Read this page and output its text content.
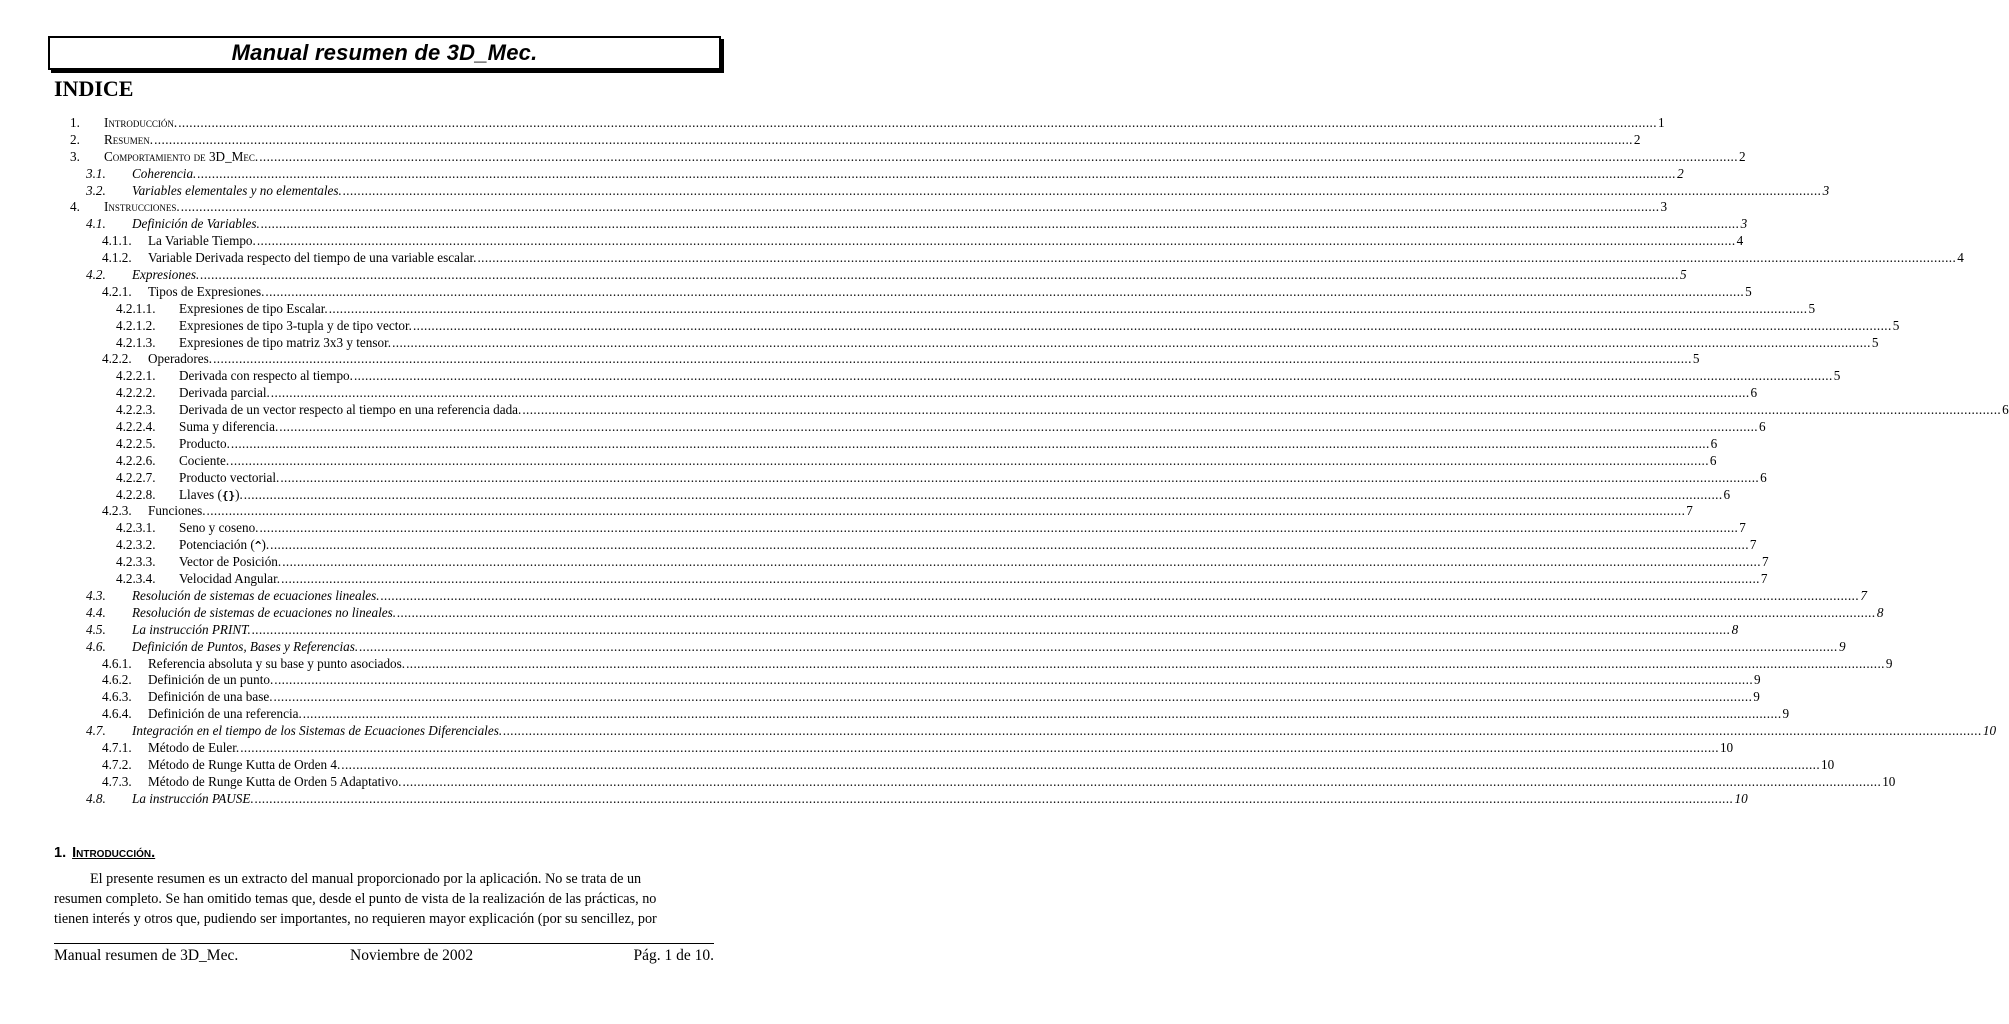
Manual resumen de 3D_Mec.
INDICE
1. Introducción. ................................................................................................................................................................................................................................................................................................................................................................................................................ 1
2. Resumen. ................................................................................................................................................................................................................................................................................................................................................................................................................ 2
3. Comportamiento de 3D_Mec. ................................................................................................................................................................................................................................................................................................................................................................................................................ 2
3.1. Coherencia. ................................................................................................................................................................................................................................................................................................................................................................................................................ 2
3.2. Variables elementales y no elementales. ................................................................................................................................................................................................................................................................................................................................................................................................................ 3
4. Instrucciones. ................................................................................................................................................................................................................................................................................................................................................................................................................ 3
4.1. Definición de Variables. ................................................................................................................................................................................................................................................................................................................................................................................................................ 3
4.1.1. La Variable Tiempo. ................................................................................................................................................................................................................................................................................................................................................................................................................ 4
4.1.2. Variable Derivada respecto del tiempo de una variable escalar. ................................................................................................................................................................................................................................................................................................................................................................................................................ 4
4.2. Expresiones. ................................................................................................................................................................................................................................................................................................................................................................................................................ 5
4.2.1. Tipos de Expresiones. ................................................................................................................................................................................................................................................................................................................................................................................................................ 5
4.2.1.1. Expresiones de tipo Escalar. ................................................................................................................................................................................................................................................................................................................................................................................................................ 5
4.2.1.2. Expresiones de tipo 3-tupla y de tipo vector. ................................................................................................................................................................................................................................................................................................................................................................................................................ 5
4.2.1.3. Expresiones de tipo matriz 3x3 y tensor. ................................................................................................................................................................................................................................................................................................................................................................................................................ 5
4.2.2. Operadores. ................................................................................................................................................................................................................................................................................................................................................................................................................ 5
4.2.2.1. Derivada con respecto al tiempo. ................................................................................................................................................................................................................................................................................................................................................................................................................ 5
4.2.2.2. Derivada parcial. ................................................................................................................................................................................................................................................................................................................................................................................................................ 6
4.2.2.3. Derivada de un vector respecto al tiempo en una referencia dada. ................................................................................................................................................................................................................................................................................................................................................................................................................ 6
4.2.2.4. Suma y diferencia. ................................................................................................................................................................................................................................................................................................................................................................................................................ 6
4.2.2.5. Producto. ................................................................................................................................................................................................................................................................................................................................................................................................................ 6
4.2.2.6. Cociente. ................................................................................................................................................................................................................................................................................................................................................................................................................ 6
4.2.2.7. Producto vectorial. ................................................................................................................................................................................................................................................................................................................................................................................................................ 6
4.2.2.8. Llaves ({}). ................................................................................................................................................................................................................................................................................................................................................................................................................ 6
4.2.3. Funciones. ................................................................................................................................................................................................................................................................................................................................................................................................................ 7
4.2.3.1. Seno y coseno. ................................................................................................................................................................................................................................................................................................................................................................................................................ 7
4.2.3.2. Potenciación (^). ................................................................................................................................................................................................................................................................................................................................................................................................................ 7
4.2.3.3. Vector de Posición. ................................................................................................................................................................................................................................................................................................................................................................................................................ 7
4.2.3.4. Velocidad Angular. ................................................................................................................................................................................................................................................................................................................................................................................................................ 7
4.3. Resolución de sistemas de ecuaciones lineales. ................................................................................................................................................................................................................................................................................................................................................................................................................ 7
4.4. Resolución de sistemas de ecuaciones no lineales. ................................................................................................................................................................................................................................................................................................................................................................................................................ 8
4.5. La instrucción PRINT. ................................................................................................................................................................................................................................................................................................................................................................................................................ 8
4.6. Definición de Puntos, Bases y Referencias. ................................................................................................................................................................................................................................................................................................................................................................................................................ 9
4.6.1. Referencia absoluta y su base y punto asociados. ................................................................................................................................................................................................................................................................................................................................................................................................................ 9
4.6.2. Definición de un punto. ................................................................................................................................................................................................................................................................................................................................................................................................................ 9
4.6.3. Definición de una base. ................................................................................................................................................................................................................................................................................................................................................................................................................ 9
4.6.4. Definición de una referencia. ................................................................................................................................................................................................................................................................................................................................................................................................................ 9
4.7. Integración en el tiempo de los Sistemas de Ecuaciones Diferenciales. ................................................................................................................................................................................................................................................................................................................................................................................................................ 10
4.7.1. Método de Euler. ................................................................................................................................................................................................................................................................................................................................................................................................................ 10
4.7.2. Método de Runge Kutta de Orden 4. ................................................................................................................................................................................................................................................................................................................................................................................................................ 10
4.7.3. Método de Runge Kutta de Orden 5 Adaptativo. ................................................................................................................................................................................................................................................................................................................................................................................................................ 10
4.8. La instrucción PAUSE. ................................................................................................................................................................................................................................................................................................................................................................................................................ 10
1. Introducción.
El presente resumen es un extracto del manual proporcionado por la aplicación. No se trata de un
resumen completo. Se han omitido temas que, desde el punto de vista de la realización de las prácticas, no
tienen interés y otros que, pudiendo ser importantes, no requieren mayor explicación (por su sencillez, por
Manual resumen de 3D_Mec.	Noviembre de 2002	Pág. 1 de 10.
